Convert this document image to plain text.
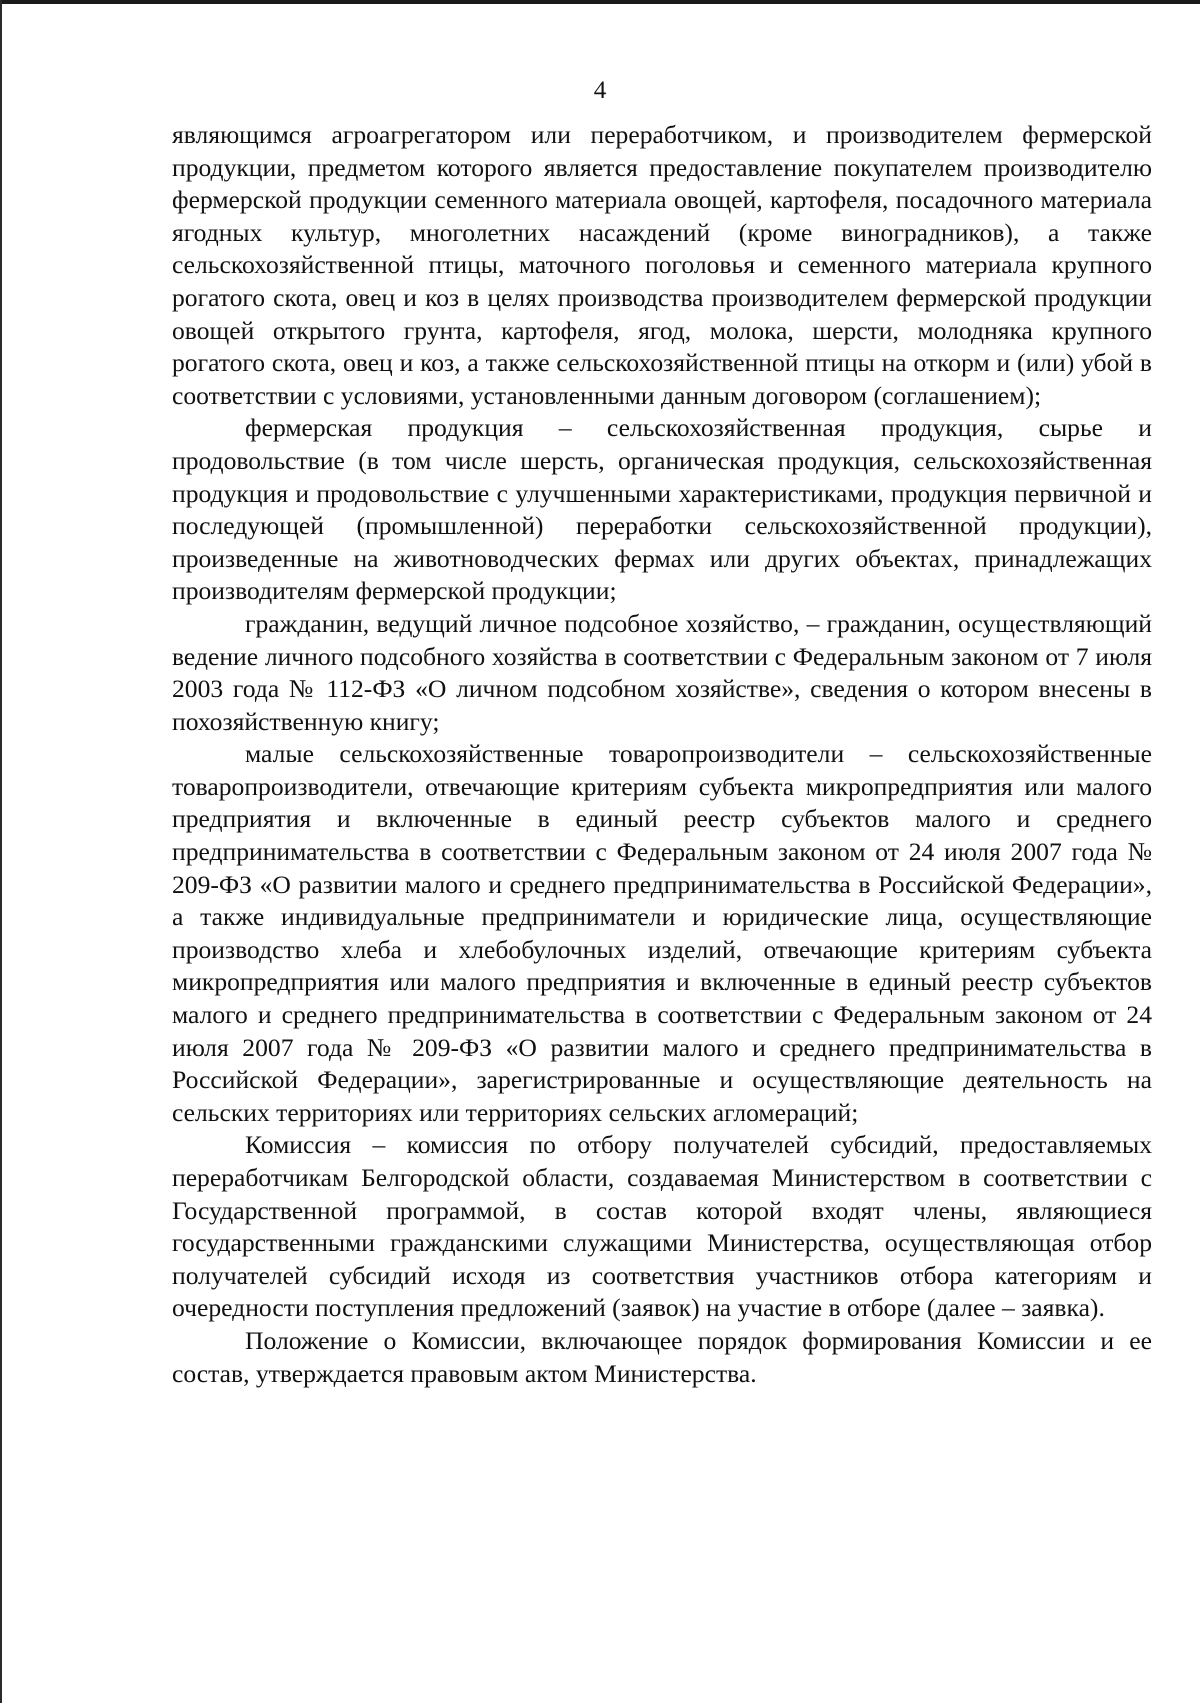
4

являющимся агроагрегатором или переработчиком, и производителем фермерской продукции, предметом которого является предоставление покупателем производителю фермерской продукции семенного материала овощей, картофеля, посадочного материала ягодных культур, многолетних насаждений (кроме виноградников), а также сельскохозяйственной птицы, маточного поголовья и семенного материала крупного рогатого скота, овец и коз в целях производства производителем фермерской продукции овощей открытого грунта, картофеля, ягод, молока, шерсти, молодняка крупного рогатого скота, овец и коз, а также сельскохозяйственной птицы на откорм и (или) убой в соответствии с условиями, установленными данным договором (соглашением);

фермерская продукция – сельскохозяйственная продукция, сырье и продовольствие (в том числе шерсть, органическая продукция, сельскохозяйственная продукция и продовольствие с улучшенными характеристиками, продукция первичной и последующей (промышленной) переработки сельскохозяйственной продукции), произведенные на животноводческих фермах или других объектах, принадлежащих производителям фермерской продукции;

гражданин, ведущий личное подсобное хозяйство, – гражданин, осуществляющий ведение личного подсобного хозяйства в соответствии с Федеральным законом от 7 июля 2003 года № 112-ФЗ «О личном подсобном хозяйстве», сведения о котором внесены в похозяйственную книгу;

малые сельскохозяйственные товаропроизводители – сельскохозяйственные товаропроизводители, отвечающие критериям субъекта микропредприятия или малого предприятия и включенные в единый реестр субъектов малого и среднего предпринимательства в соответствии с Федеральным законом от 24 июля 2007 года № 209-ФЗ «О развитии малого и среднего предпринимательства в Российской Федерации», а также индивидуальные предприниматели и юридические лица, осуществляющие производство хлеба и хлебобулочных изделий, отвечающие критериям субъекта микропредприятия или малого предприятия и включенные в единый реестр субъектов малого и среднего предпринимательства в соответствии с Федеральным законом от 24 июля 2007 года № 209-ФЗ «О развитии малого и среднего предпринимательства в Российской Федерации», зарегистрированные и осуществляющие деятельность на сельских территориях или территориях сельских агломераций;

Комиссия – комиссия по отбору получателей субсидий, предоставляемых переработчикам Белгородской области, создаваемая Министерством в соответствии с Государственной программой, в состав которой входят члены, являющиеся государственными гражданскими служащими Министерства, осуществляющая отбор получателей субсидий исходя из соответствия участников отбора категориям и очередности поступления предложений (заявок) на участие в отборе (далее – заявка).

Положение о Комиссии, включающее порядок формирования Комиссии и ее состав, утверждается правовым актом Министерства.
